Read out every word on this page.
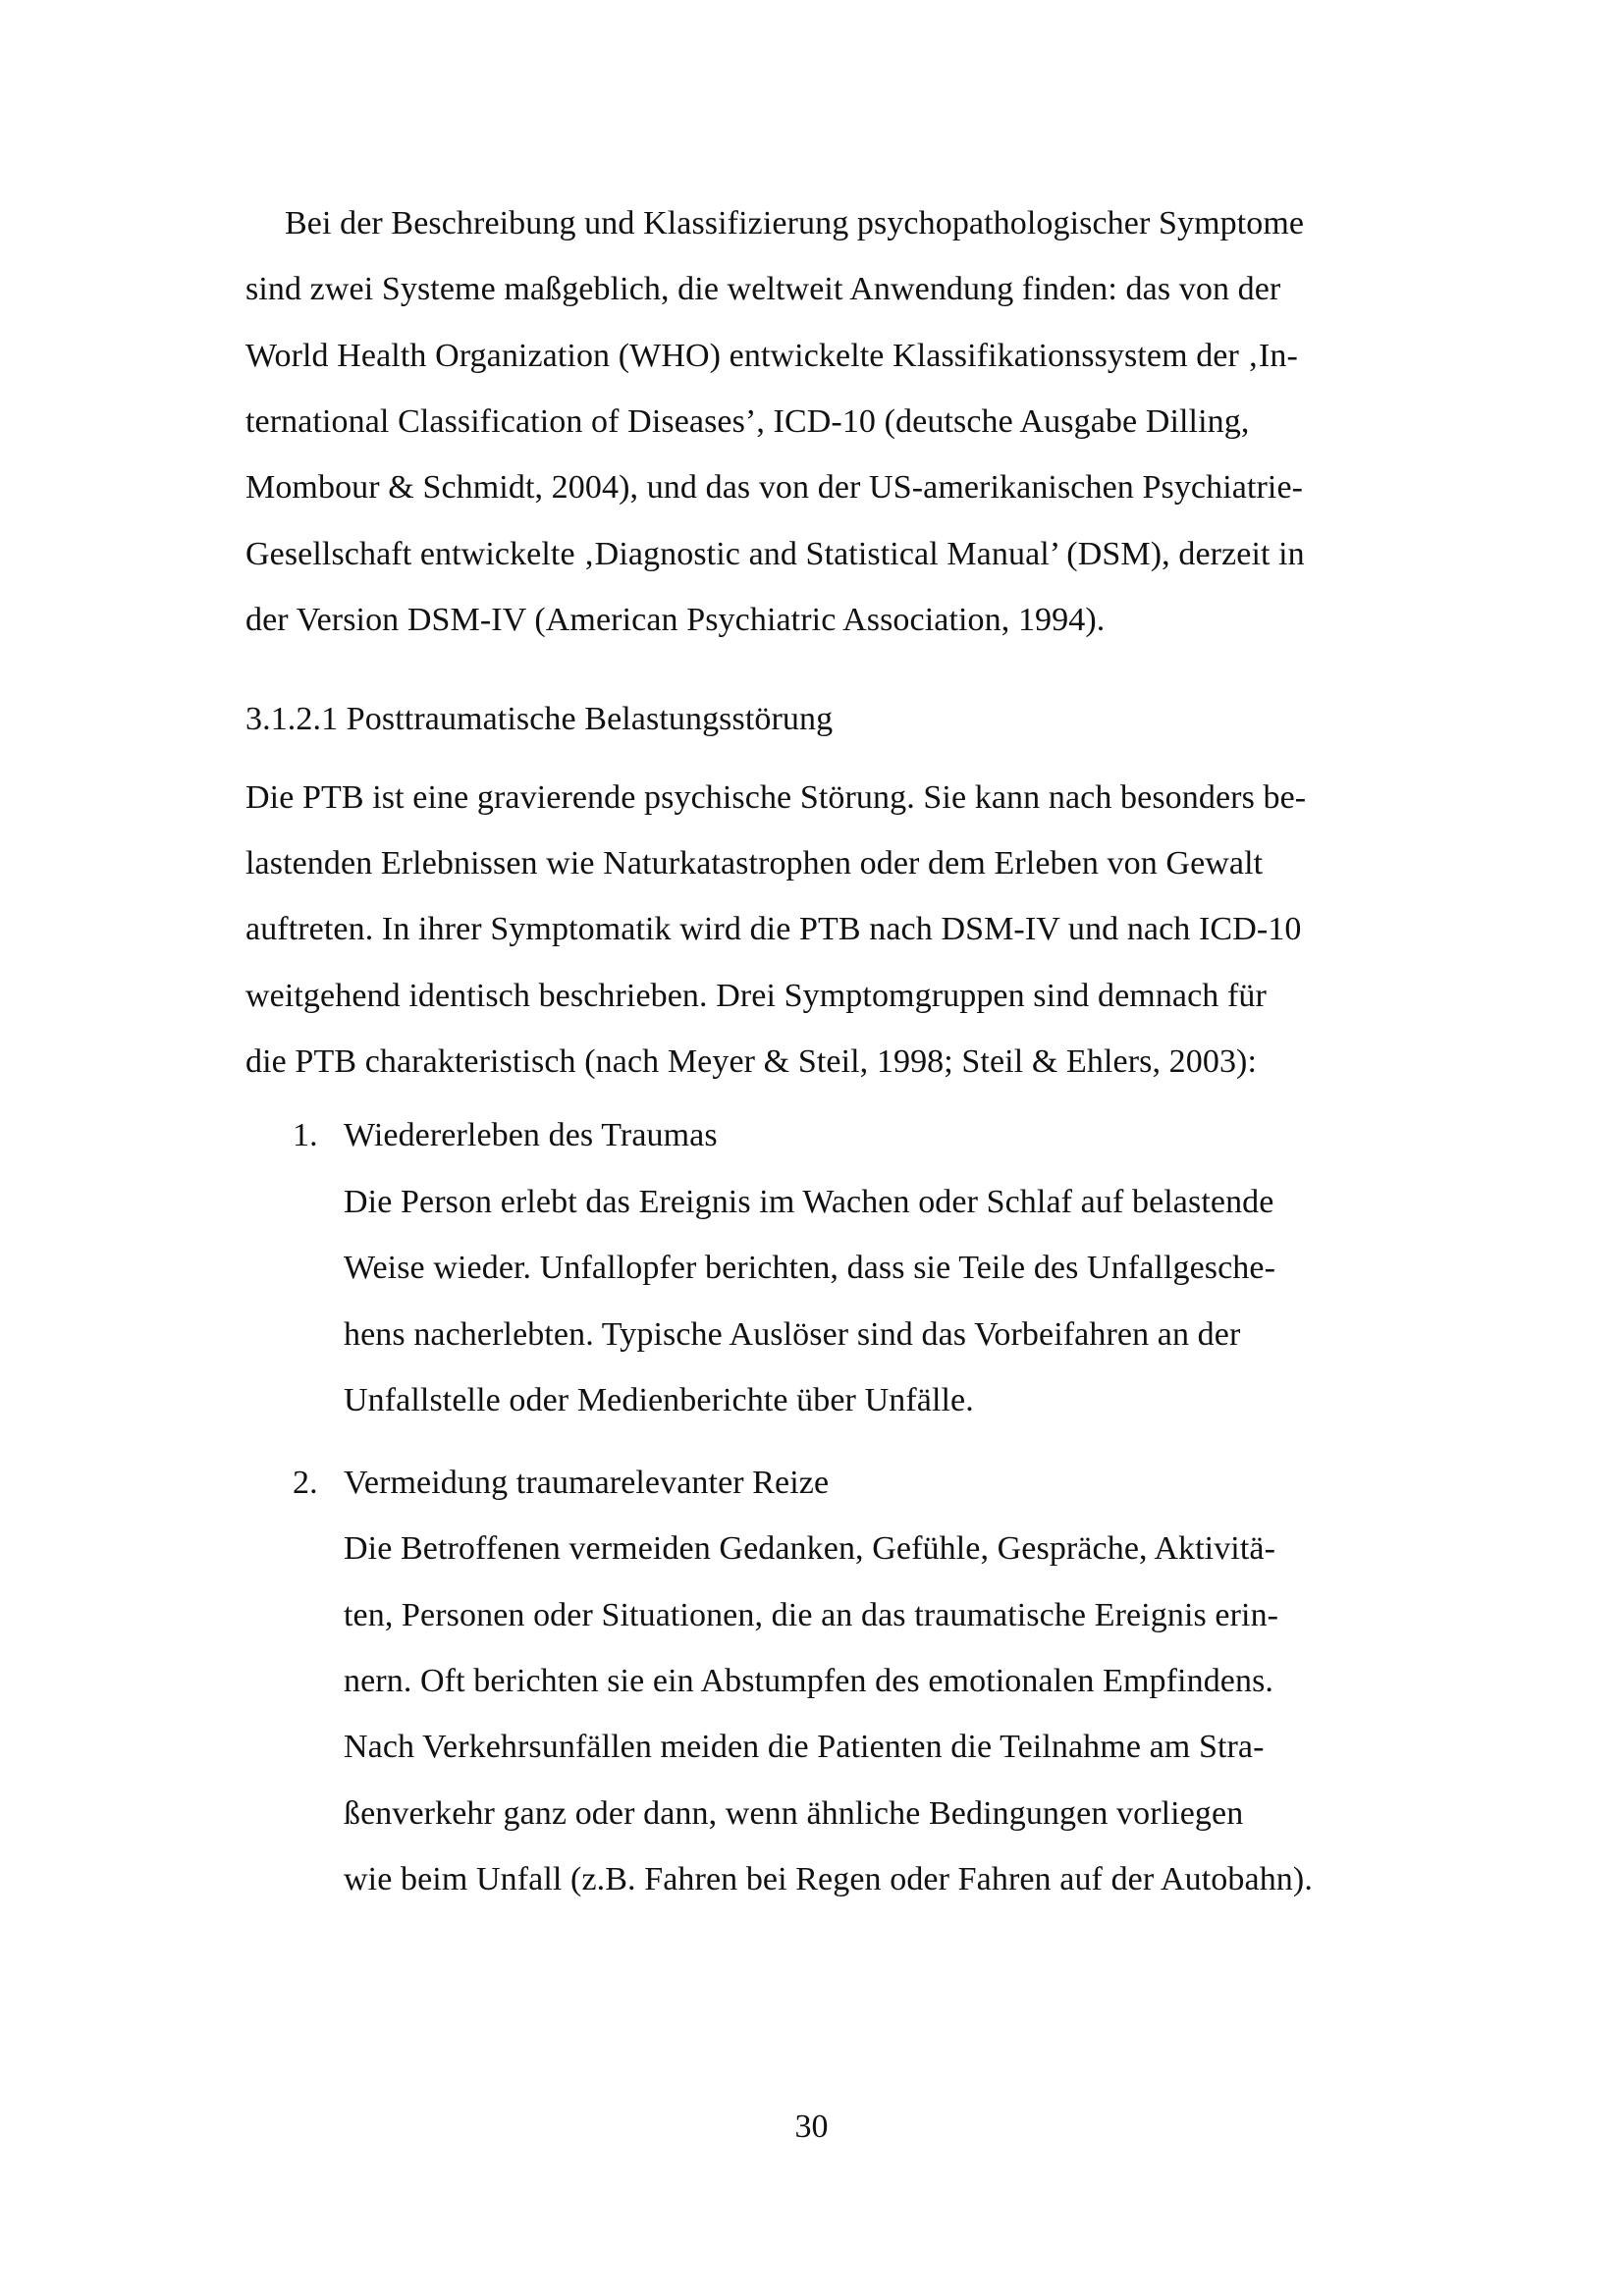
Bei der Beschreibung und Klassifizierung psychopathologischer Symptome
sind zwei Systeme maßgeblich, die weltweit Anwendung finden: das von der
World Health Organization (WHO) entwickelte Klassifikationssystem der ‚In-
ternational Classification of Diseases’, ICD-10 (deutsche Ausgabe Dilling,
Mombour & Schmidt, 2004), und das von der US-amerikanischen Psychiatrie-
Gesellschaft entwickelte ‚Diagnostic and Statistical Manual’ (DSM), derzeit in
der Version DSM-IV (American Psychiatric Association, 1994).
3.1.2.1 Posttraumatische Belastungsstörung
Die PTB ist eine gravierende psychische Störung. Sie kann nach besonders be-
lastenden Erlebnissen wie Naturkatastrophen oder dem Erleben von Gewalt
auftreten. In ihrer Symptomatik wird die PTB nach DSM-IV und nach ICD-10
weitgehend identisch beschrieben. Drei Symptomgruppen sind demnach für
die PTB charakteristisch (nach Meyer & Steil, 1998; Steil & Ehlers, 2003):
1. Wiedererleben des Traumas
Die Person erlebt das Ereignis im Wachen oder Schlaf auf belastende
Weise wieder. Unfallopfer berichten, dass sie Teile des Unfallgesche-
hens nacherlebten. Typische Auslöser sind das Vorbeifahren an der
Unfallstelle oder Medienberichte über Unfälle.
2. Vermeidung traumarelevanter Reize
Die Betroffenen vermeiden Gedanken, Gefühle, Gespräche, Aktivitä-
ten, Personen oder Situationen, die an das traumatische Ereignis erin-
nern. Oft berichten sie ein Abstumpfen des emotionalen Empfindens.
Nach Verkehrsunfällen meiden die Patienten die Teilnahme am Stra-
ßenverkehr ganz oder dann, wenn ähnliche Bedingungen vorliegen
wie beim Unfall (z.B. Fahren bei Regen oder Fahren auf der Autobahn).
30
